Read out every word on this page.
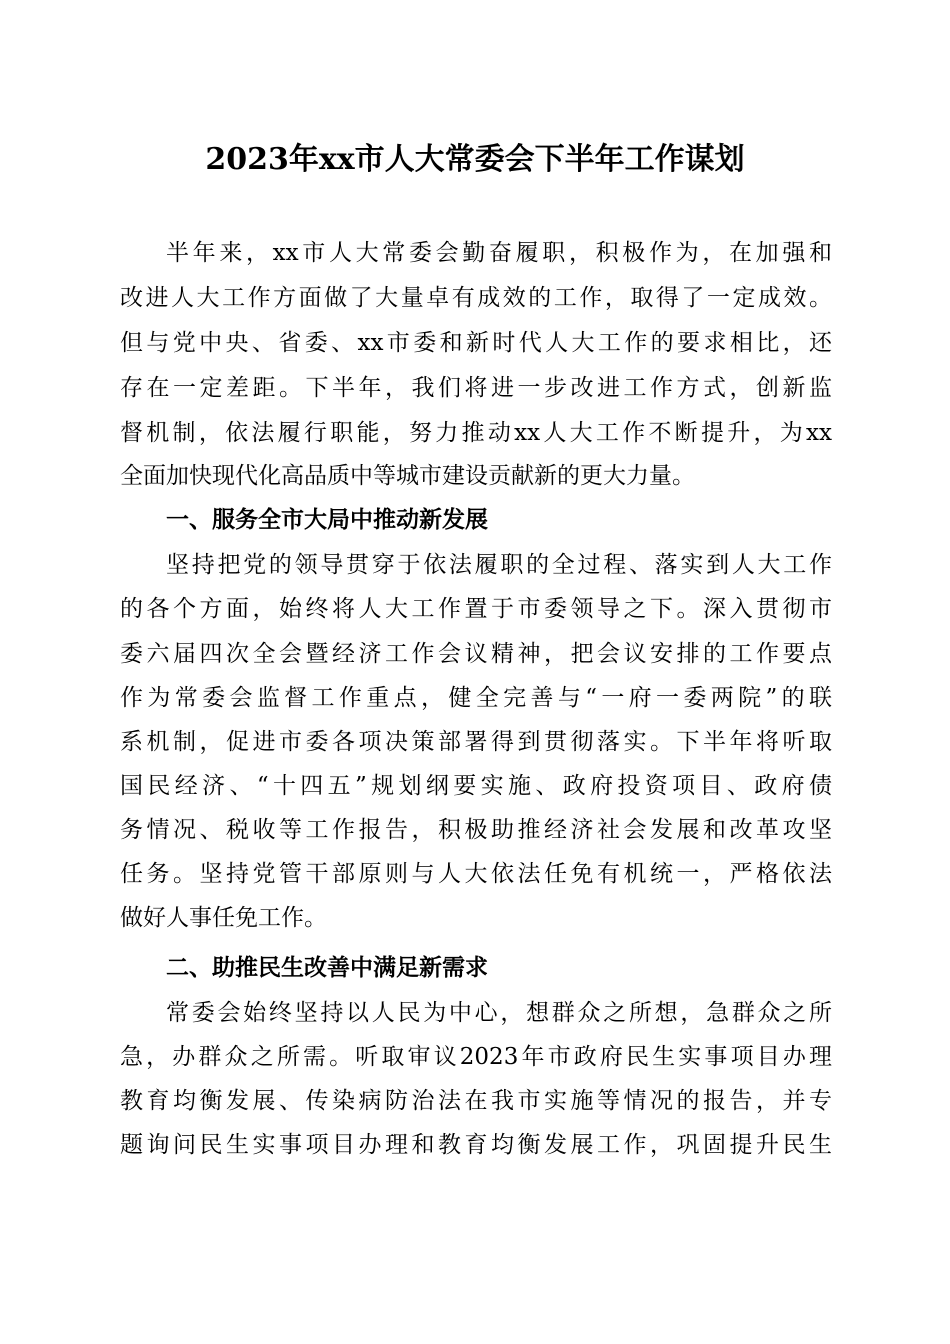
2023年xx市人大常委会下半年工作谋划
半年来，xx市人大常委会勤奋履职，积极作为，在加强和
改进人大工作方面做了大量卓有成效的工作，取得了一定成效。
但与党中央、省委、xx市委和新时代人大工作的要求相比，还
存在一定差距。下半年，我们将进一步改进工作方式，创新监
督机制，依法履行职能，努力推动xx人大工作不断提升，为xx
全面加快现代化高品质中等城市建设贡献新的更大力量。
一、服务全市大局中推动新发展
坚持把党的领导贯穿于依法履职的全过程、落实到人大工作
的各个方面，始终将人大工作置于市委领导之下。深入贯彻市
委六届四次全会暨经济工作会议精神，把会议安排的工作要点
作为常委会监督工作重点，健全完善与“一府一委两院”的联
系机制，促进市委各项决策部署得到贯彻落实。下半年将听取
国民经济、“十四五”规划纲要实施、政府投资项目、政府债
务情况、税收等工作报告，积极助推经济社会发展和改革攻坚
任务。坚持党管干部原则与人大依法任免有机统一，严格依法
做好人事任免工作。
二、助推民生改善中满足新需求
常委会始终坚持以人民为中心，想群众之所想，急群众之所
急，办群众之所需。听取审议2023年市政府民生实事项目办理
教育均衡发展、传染病防治法在我市实施等情况的报告，并专
题询问民生实事项目办理和教育均衡发展工作，巩固提升民生
